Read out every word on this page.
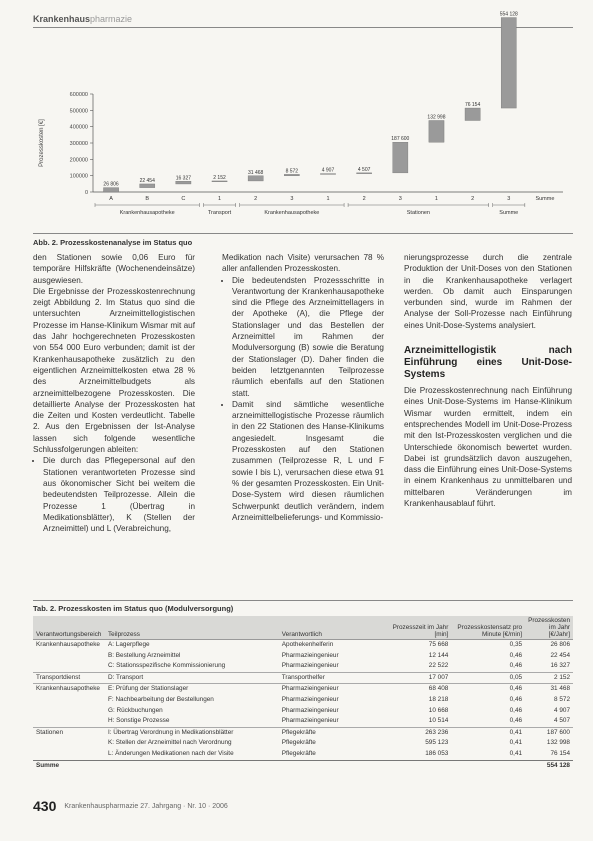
Krankenhauspharmazie
Prozesskosten [€]
600000
500000
400000
300000
200000
100000
0
26 806
A
22 454
B
16 327
C
2 152
1
31 468
2
8 572
3
4 907
1
4 507
2
187 600
3
132 998
1
76 154
2
554 128
3	Summe
Krankenhausapotheke	Transport	Krankenhausapotheke	Stationen	Summe
Abb. 2. Prozesskostenanalyse im Status quo

den Stationen sowie 0,06 Euro für temporäre Hilfskräfte (Wochenendeinsätze) ausgewiesen.

Die Ergebnisse der Prozesskostenrechnung zeigt Abbildung 2. Im Status quo sind die untersuchten Arzneimittellogistischen Prozesse im Hanse-Klinikum Wismar mit auf das Jahr hochgerechneten Prozesskosten von 554 000 Euro verbunden; damit ist der Krankenhausapotheke zusätzlich zu den eigentlichen Arzneimittelkosten etwa 28 % des Arzneimittelbudgets als arzneimittelbezogene Prozesskosten. Die detaillierte Analyse der Prozesskosten hat die Zeiten und Kosten verdeutlicht. Tabelle 2. Aus den Ergebnissen der Ist-Analyse lassen sich folgende wesentliche Schlussfolgerungen ableiten:

• Die durch das Pflegepersonal auf den Stationen verantworteten Prozesse sind aus ökonomischer Sicht bei weitem die bedeutendsten Teilprozesse. Allein die Prozesse 1 (Übertrag in Medikationsblätter), K (Stellen der Arzneimittel) und L (Verabreichung,

Medikation nach Visite) verursachen 78 % aller anfallenden Prozesskosten.

• Die bedeutendsten Prozessschritte in Verantwortung der Krankenhausapotheke sind die Pflege des Arzneimittellagers in der Apotheke (A), die Pflege der Stationslager und das Bestellen der Arzneimittel im Rahmen der Modulversorgung (B) sowie die Beratung der Stationslager (D). Daher finden die beiden letztgenannten Teilprozesse räumlich ebenfalls auf den Stationen statt.
• Damit sind sämtliche wesentliche arzneimittellogistische Prozesse räumlich in den 22 Stationen des Hanse-Klinikums angesiedelt. Insgesamt die Prozesskosten auf den Stationen zusammen (Teilprozesse R, L und F sowie I bis L), verursachen diese etwa 91 % der gesamten Prozesskosten. Ein Unit-Dose-System wird diesen räumlichen Schwerpunkt deutlich verändern, indem Arzneimittelbelieferungs- und Kommissio-

nierungsprozesse durch die zentrale Produktion der Unit-Doses von den Stationen in die Krankenhausapotheke verlagert werden. Ob damit auch Einsparungen verbunden sind, wurde im Rahmen der Analyse der Soll-Prozesse nach Einführung eines Unit-Dose-Systems analysiert.

Arzneimittellogistik nach Einführung eines Unit-Dose-Systems

Die Prozesskostenrechnung nach Einführung eines Unit-Dose-Systems im Hanse-Klinikum Wismar wurden ermittelt, indem ein entsprechendes Modell im Unit-Dose-Prozess mit den Ist-Prozesskosten verglichen und die Unterschiede ökonomisch bewertet wurden. Dabei ist grundsätzlich davon auszugehen, dass die Einführung eines Unit-Dose-Systems in einem Krankenhaus zu unmittelbaren und mittelbaren Veränderungen im Krankenhausablauf führt.

Tab. 2. Prozesskosten im Status quo (Modulversorgung)
Verantwortungsbereich	Teilprozess	Verantwortlich	Prozesszeit im Jahr [min]	Prozesskostensatz pro Minute [€/min]	Prozesskosten im Jahr [€/Jahr]
Krankenhausapotheke	A: Lagerpflege	Apothekenhelferin	75 668	0,35	26 806
	B: Bestellung Arzneimittel	Pharmazieingenieur	12 144	0,46	22 454
	C: Stationsspezifische Kommissionierung	Pharmazieingenieur	22 522	0,46	16 327
Transportdienst	D: Transport	Transporthelfer	17 007	0,05	2 152
Krankenhausapotheke	E: Prüfung der Stationslager	Pharmazieingenieur	68 408	0,46	31 468
	F: Nachbearbeitung der Bestellungen	Pharmazieingenieur	18 218	0,46	8 572
	G: Rückbuchungen	Pharmazieingenieur	10 668	0,46	4 907
	H: Sonstige Prozesse	Pharmazieingenieur	10 514	0,46	4 507
Stationen	I: Übertrag Verordnung in Medikationsblätter	Pflegekräfte	263 236	0,41	187 600
	K: Stellen der Arzneimittel nach Verordnung	Pflegekräfte	595 123	0,41	132 998
	L: Änderungen Medikationen nach der Visite	Pflegekräfte	186 053	0,41	76 154
Summe					554 128
430 Krankenhauspharmazie 27. Jahrgang · Nr. 10 · 2006
